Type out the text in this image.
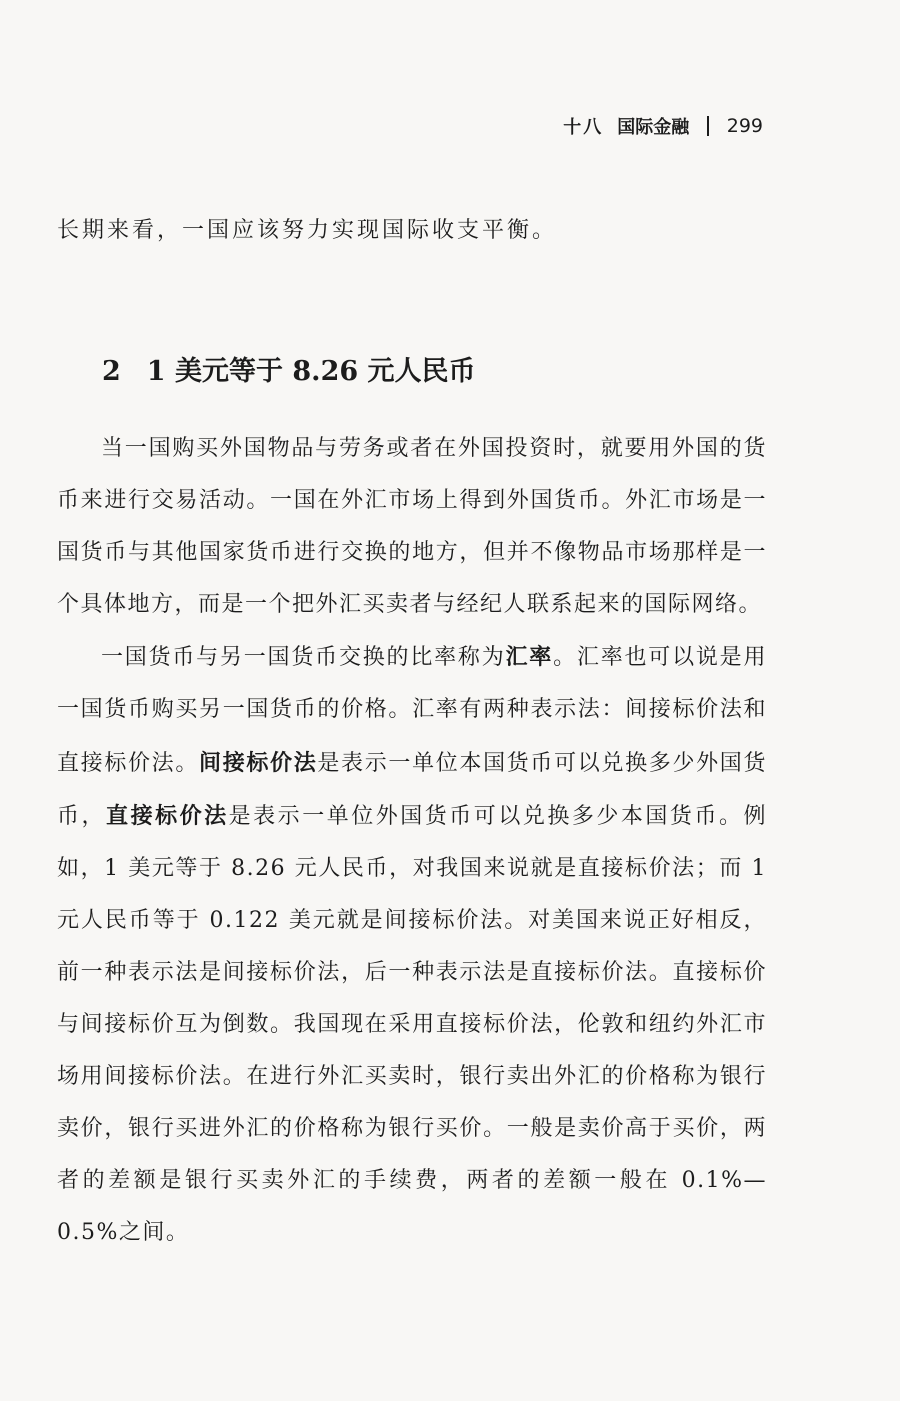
十八 国际金融 299
长期来看，一国应该努力实现国际收支平衡。
2 1 美元等于 8.26 元人民币

当一国购买外国物品与劳务或者在外国投资时，就要用外国的货币来进行交易活动。一国在外汇市场上得到外国货币。外汇市场是一国货币与其他国家货币进行交换的地方，但并不像物品市场那样是一个具体地方，而是一个把外汇买卖者与经纪人联系起来的国际网络。

一国货币与另一国货币交换的比率称为汇率。汇率也可以说是用一国货币购买另一国货币的价格。汇率有两种表示法：间接标价法和直接标价法。间接标价法是表示一单位本国货币可以兑换多少外国货币，直接标价法是表示一单位外国货币可以兑换多少本国货币。例如，1 美元等于 8.26 元人民币，对我国来说就是直接标价法；而 1 元人民币等于 0.122 美元就是间接标价法。对美国来说正好相反，前一种表示法是间接标价法，后一种表示法是直接标价法。直接标价与间接标价互为倒数。我国现在采用直接标价法，伦敦和纽约外汇市场用间接标价法。在进行外汇买卖时，银行卖出外汇的价格称为银行卖价，银行买进外汇的价格称为银行买价。一般是卖价高于买价，两者的差额是银行买卖外汇的手续费，两者的差额一般在 0.1%—0.5%之间。
